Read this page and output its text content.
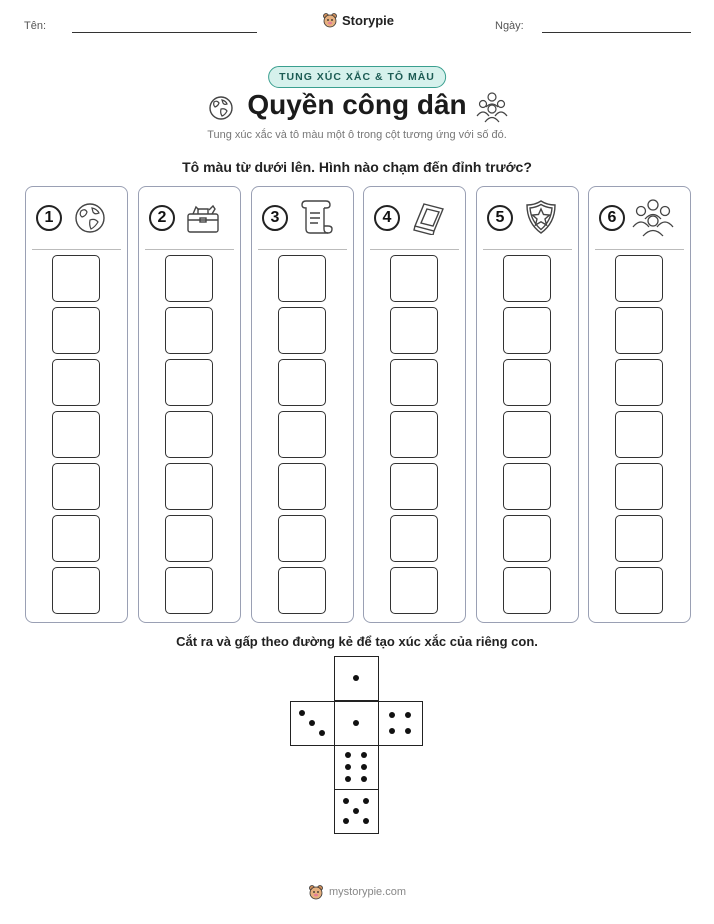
Tên:	Storypie	Ngày:
TUNG XÚC XẮC & TÔ MÀU
Quyền công dân
Tung xúc xắc và tô màu một ô trong cột tương ứng với số đó.
Tô màu từ dưới lên. Hình nào chạm đến đỉnh trước?
1	2	3	4	5	6
Cắt ra và gấp theo đường kẻ để tạo xúc xắc của riêng con.
mystorypie.com
